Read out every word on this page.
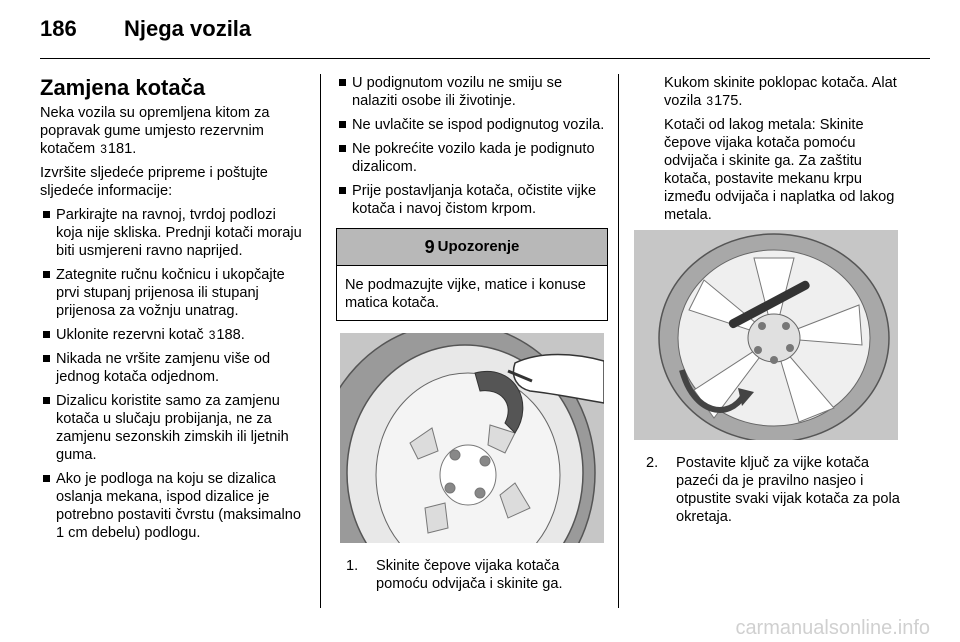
186 Njega vozila
Zamjena kotača

Neka vozila su opremljena kitom za popravak gume umjesto rezervnim kotačem 3181.

Izvršite sljedeće pripreme i poštujte sljedeće informacije:

Parkirajte na ravnoj, tvrdoj podlozi koja nije skliska. Prednji kotači moraju biti usmjereni ravno naprijed.
Zategnite ručnu kočnicu i ukopčajte prvi stupanj prijenosa ili stupanj prijenosa za vožnju unatrag.
Uklonite rezervni kotač 3188.
Nikada ne vršite zamjenu više od jednog kotača odjednom.
Dizalicu koristite samo za zamjenu kotača u slučaju probijanja, ne za zamjenu sezonskih zimskih ili ljetnih guma.
Ako je podloga na koju se dizalica oslanja mekana, ispod dizalice je potrebno postaviti čvrstu (maksimalno 1 cm debelu) podlogu.
U podignutom vozilu ne smiju se nalaziti osobe ili životinje.
Ne uvlačite se ispod podignutog vozila.
Ne pokrećite vozilo kada je podignuto dizalicom.
Prije postavljanja kotača, očistite vijke kotača i navoj čistom krpom.
9 Upozorenje
Ne podmazujte vijke, matice i konuse matica kotača.
1. Skinite čepove vijaka kotača pomoću odvijača i skinite ga.

Kukom skinite poklopac kotača. Alat vozila 3175.

Kotači od lakog metala: Skinite čepove vijaka kotača pomoću odvijača i skinite ga. Za zaštitu kotača, postavite mekanu krpu između odvijača i naplatka od lakog metala.

2. Postavite ključ za vijke kotača pazeći da je pravilno nasjeo i otpustite svaki vijak kotača za pola okretaja.
carmanualsonline.info
